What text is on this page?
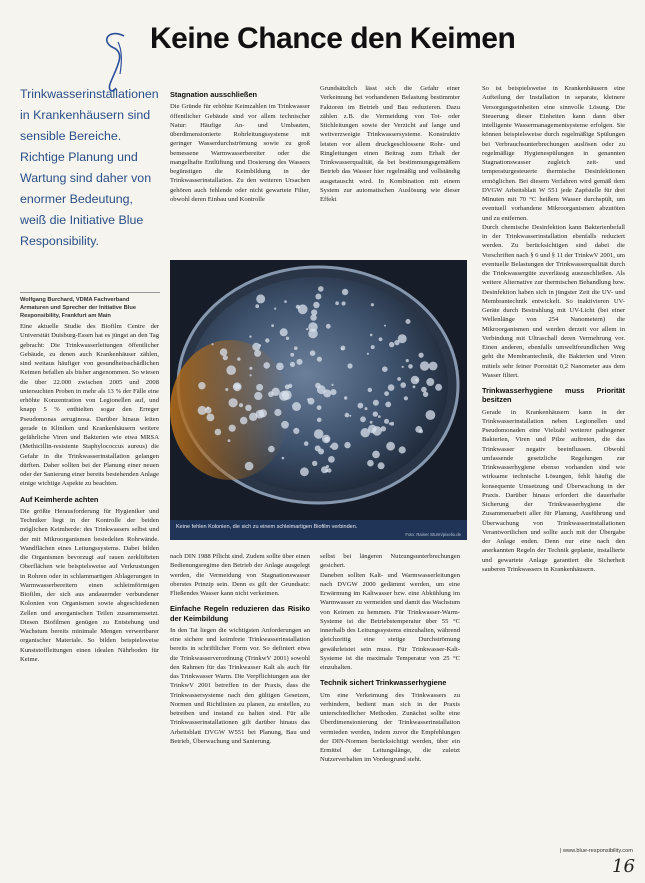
Keine Chance den Keimen
Trinkwasserinstallationen in Krankenhäusern sind sensible Bereiche. Richtige Planung und Wartung sind daher von enormer Bedeutung, weiß die Initiative Blue Responsibility.

Wolfgang Burchard, VDMA Fachverband

Armaturen und Sprecher der Initiative Blue

Responsibility, Frankfurt am Main

Eine aktuelle Studie des Biofilm Centre der Universität Duisburg-Essen hat es jüngst an den Tag gebracht: Die Trinkwasserleitungen öffentlicher Gebäude, zu denen auch Krankenhäuser zählen, sind weitaus häufiger von gesundheitsschädlichen Keimen befallen als bisher angenommen. So wiesen die über 22.000 zwischen 2005 und 2008 untersuchten Proben in mehr als 13 % der Fälle eine erhöhte Konzentration von Legionellen auf, und knapp 5 % enthielten sogar den Erreger Pseudomonas aeruginosa. Darüber hinaus leiten gerade in Kliniken und Krankenhäusern weitere gefährliche Viren und Bakterien wie etwa MRSA (Methicillin-resistente Staphylococcus aureus) die Gefahr in die Trinkwasserinstallation gelangen dürften. Daher sollten bei der Planung einer neuen oder der Sanierung einer bereits bestehenden Anlage einige wichtige Aspekte zu beachten.

Auf Keimherde achten

Die größte Herausforderung für Hygieniker und Techniker liegt in der Kontrolle der beiden möglichen Keimherde: des Trinkwassers selbst und der mit Mikroorganismen besiedelten Rohrwände. Wandflächen eines Leitungssystems. Dabei bilden die Organismen bevorzugt auf rauen zerklüfteten Oberflächen wie beispielsweise auf Verkrustungen in Rohren oder in schlammartigen Ablagerungen in Warmwasserbereitern einen schleimförmigen Biofilm, der sich aus andauernder verbundener Kolonien von Organismen sowie abgeschiedenen Zellen und anorganischen Teilen zusammensetzt. Diesen Biofilmen genügen zu Entstehung und Wachstum bereits minimale Mengen verwertbarer organischer Materiale. So bilden beispielsweise Kunststoffleitungen einen idealen Nährboden für Keime.

Stagnation ausschließen

Die Gründe für erhöhte Keimzahlen im Trinkwasser öffentlicher Gebäude sind vor allem technischer Natur: Häufige An- und Umbauten, überdimensionierte Rohrleitungssysteme mit geringer Wasserdurchströmung sowie zu groß bemessene Warmwasserbereiter oder die mangelhafte Entlüftung und Dosierung des Wassers begünstigen die Keimbildung in der Trinkwasserinstallation. Zu den weiteren Ursachen gehören auch fehlende oder nicht gewartete Filter, obwohl deren Einbau und Kontrolle

Grundsätzlich lässt sich die Gefahr einer Verkeimung bei vorhandenen Belastung bestimmter Faktoren im Betrieb und Bau reduzieren. Dazu zählen z.B. die Vermeidung von Tot- oder Stichleitungen sowie der Verzicht auf lange und weitverzweigte Trinkwassersysteme. Konstruktiv leisten vor allem druckgeschlossene Rohr- und Ringleitungen einen Beitrag zum Erhalt der Trinkwasserqualität, da bei bestimmungsgemäßem Betrieb das Wasser hier regelmäßig und vollständig ausgetauscht wird. In Kombination mit einem System zur automatischen Auslösung wie dieser Effekt

Keine fehlen Kolonien, die sich zu einem schleimartigen Biofilm verbinden.
Foto: Rainer Sturm/pixelio.de

nach DIN 1988 Pflicht sind. Zudem sollte über einen Bedienungsregime den Betrieb der Anlage ausgelegt werden, die Vermeidung von Stagnationswasser oberstes Prinzip sein. Denn es gilt der Grundsatz: Fließendes Wasser kann nicht verkeimen.

Einfache Regeln reduzieren das Risiko der Keimbildung

In den Tat liegen die wichtigsten Anforderungen an eine sichere und keimfreie Trinkwasserinstallation bereits in schriftlicher Form vor. So definiert etwa die Trinkwasserverordnung (TrinkwV 2001) sowohl den Rahmen für das Trinkwasser Kalt als auch für das Trinkwasser Warm. Die Verpflichtungen aus der TrinkwV 2001 betreffen in der Praxis, dass die Trinkwassersysteme nach den gültigen Gesetzen, Normen und Richtlinien zu planen, zu erstellen, zu betreiben und instand zu halten sind. Für alle Trinkwasserinstallationen gilt darüber hinaus das Arbeitsblatt DVGW W551 bei Planung, Bau und Betrieb, Überwachung und Sanierung.

selbst bei längeren Nutzungsunterbrechungen gesichert.

Daneben sollten Kalt- und Warmwasserleitungen nach DVGW 2000 gedämmt werden, um eine Erwärmung im Kaltwasser bzw. eine Abkühlung im Warmwasser zu vermeiden und damit das Wachstum von Keimen zu hemmen. Für Trinkwasser-Warm-Systeme ist die Betriebstemperatur über 55 °C innerhalb des Leitungssystems einzuhalten, während gleichzeitig eine stetige Durchströmung gewährleistet sein muss. Für Trinkwasser-Kalt-Systeme ist die maximale Temperatur von 25 °C einzuhalten.

Technik sichert Trinkwasserhygiene

Um eine Verkeimung des Trinkwassers zu verhindern, bedient man sich in der Praxis unterschiedlicher Methoden. Zunächst sollte eine Überdimensionierung der Trinkwasserinstallation vermieden werden, indem zuvor die Empfehlungen der DIN-Normen berücksichtigt werden, über ein Ermittel der Leitungslänge, die zuletzt Nutzerverhalten im Vordergrund steht.

So ist beispielsweise in Krankenhäusern eine Aufteilung der Installation in separate, kleinere Versorgungseinheiten eine sinnvolle Lösung. Die Steuerung dieser Einheiten kann dann über intelligente Wassermanagementsysteme erfolgen. Sie können beispielsweise durch regelmäßige Spülungen bei Verbrauchsunterbrechungen auslösen oder zu regelmäßige Hygienespülungen in genannten Stagnationswasser zugleich zeit- und temperaturgesteuerte thermische Desinfektionen ermöglichen. Bei diesem Verfahren wird gemäß dem DVGW Arbeitsblatt W 551 jede Zapfstelle für drei Minuten mit 70 °C heißem Wasser durchspült, um eventuell vorhandene Mikroorganismen abzutöten und zu entfernen.

Durch chemische Desinfektion kann Bakterienbefall in der Trinkwasserinstallation ebenfalls reduziert werden. Zu berücksichtigen sind dabei die Vorschriften nach § 6 und § 11 der TrinkwV 2001, um eventuelle Belastungen der Trinkwasserqualität durch die Trinkwassergüte zuverlässig auszuschließen. Als weitere Alternative zur thermischen Behandlung bzw. Desinfektion haben sich in jüngster Zeit die UV- und Membrantechnik entwickelt. So inaktivieren UV-Geräte durch Bestrahlung mit UV-Licht (bei einer Wellenlänge von 254 Nanometern) die Mikroorganismen und werden derzeit vor allem in Verbindung mit Ultraschall deren Vermehrung vor. Einen anderen, ebenfalls umweltfreundlichen Weg geht die Membrantechnik, die Bakterien und Viren mittels sehr feiner Porosität 0,2 Nanometer aus dem Wasser filtert.

Trinkwasserhygiene muss Priorität besitzen

Gerade in Krankenhäusern kann in der Trinkwasserinstallation neben Legionellen und Pseudomonaden eine Vielzahl weiterer pathogener Bakterien, Viren und Pilze auftreten, die das Trinkwasser negativ beeinflussen. Obwohl umfassende gesetzliche Regelungen zur Trinkwasserhygiene ebenso vorhanden sind wie wirksame technische Lösungen, fehlt häufig die konsequente Umsetzung und Überwachung in der Praxis. Darüber hinaus erfordert die dauerhafte Sicherung der Trinkwasserhygiene die Zusammenarbeit aller für Planung, Ausführung und Überwachung von Trinkwasserinstallationen Verantwortlichen und sollte auch mit der Übergabe der Anlage enden. Denn nur eine nach den anerkannten Regeln der Technik geplante, installierte und gewartete Anlage garantiert die Sicherheit sauberen Trinkwassers in Krankenhäusern.

| www.blue-responsibility.com
16
